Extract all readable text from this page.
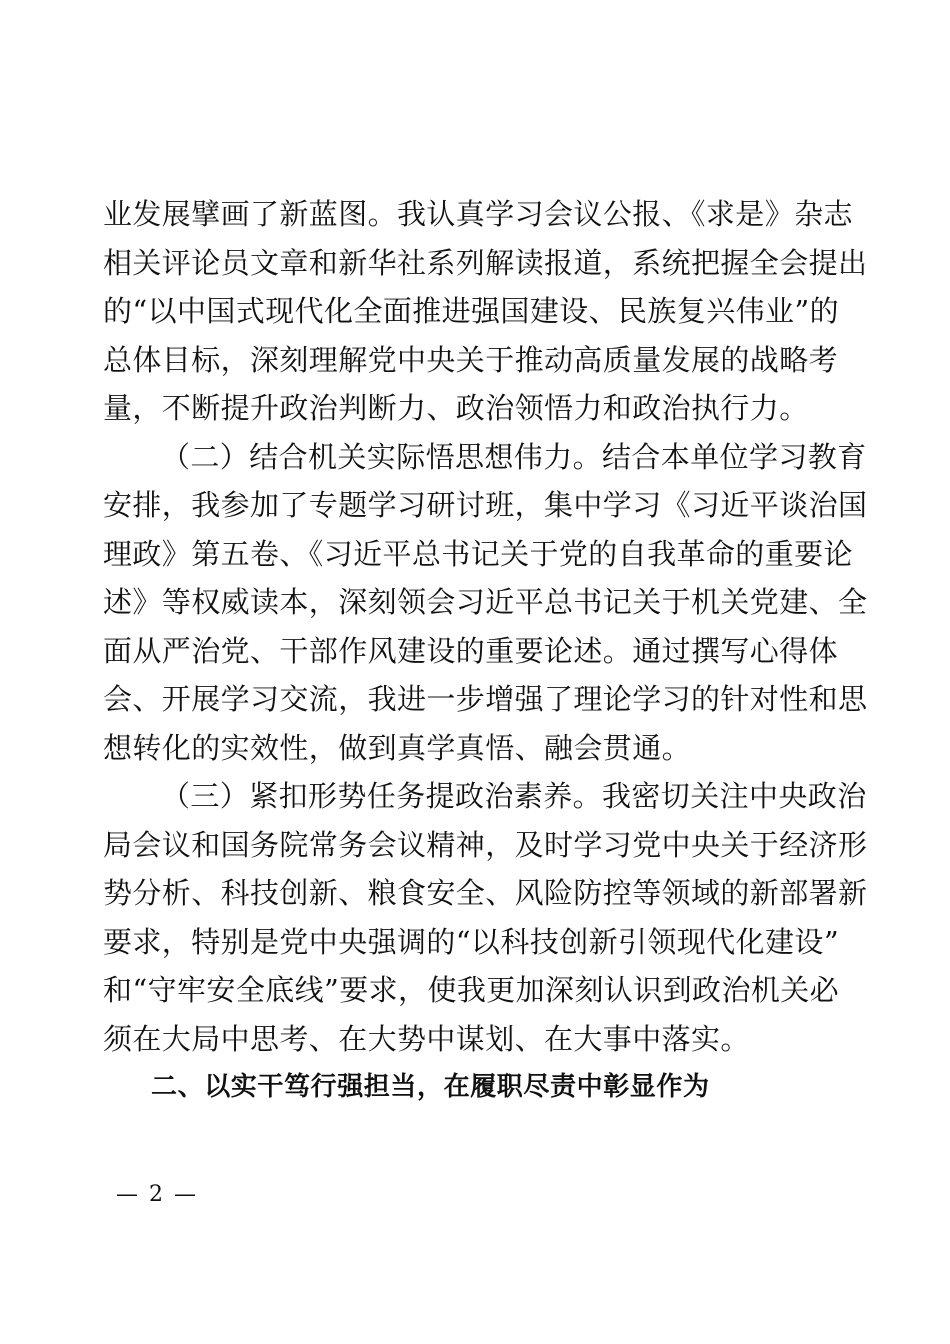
业发展擘画了新蓝图。我认真学习会议公报、《求是》杂志
相关评论员文章和新华社系列解读报道，系统把握全会提出
的“以中国式现代化全面推进强国建设、民族复兴伟业”的
总体目标，深刻理解党中央关于推动高质量发展的战略考
量，不断提升政治判断力、政治领悟力和政治执行力。
（二）结合机关实际悟思想伟力。结合本单位学习教育
安排，我参加了专题学习研讨班，集中学习《习近平谈治国
理政》第五卷、《习近平总书记关于党的自我革命的重要论
述》等权威读本，深刻领会习近平总书记关于机关党建、全
面从严治党、干部作风建设的重要论述。通过撰写心得体
会、开展学习交流，我进一步增强了理论学习的针对性和思
想转化的实效性，做到真学真悟、融会贯通。
（三）紧扣形势任务提政治素养。我密切关注中央政治
局会议和国务院常务会议精神，及时学习党中央关于经济形
势分析、科技创新、粮食安全、风险防控等领域的新部署新
要求，特别是党中央强调的“以科技创新引领现代化建设”
和“守牢安全底线”要求，使我更加深刻认识到政治机关必
须在大局中思考、在大势中谋划、在大事中落实。
二、以实干笃行强担当，在履职尽责中彰显作为
— 2 —
